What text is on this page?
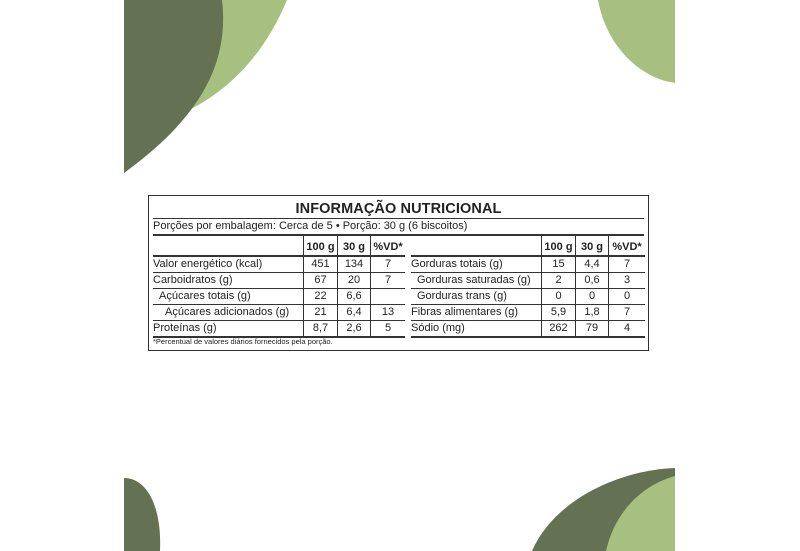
INFORMAÇÃO NUTRICIONAL
Porções por embalagem: Cerca de 5 • Porção: 30 g (6 biscoitos)
100 g 30 g %VD*	100 g 30 g %VD*
Valor energético (kcal)	451	134	7
Carboidratos (g)	67	20	7
Açúcares totais (g)	22	6,6
Açúcares adicionados (g)	21	6,4	13
Proteínas (g)	8,7	2,6	5
Gorduras totais (g)	15	4,4	7
Gorduras saturadas (g)	2	0,6	3
Gorduras trans (g)	0	0	0
Fibras alimentares (g)	5,9	1,8	7
Sódio (mg)	262	79	4
*Percentual de valores diários fornecidos pela porção.
